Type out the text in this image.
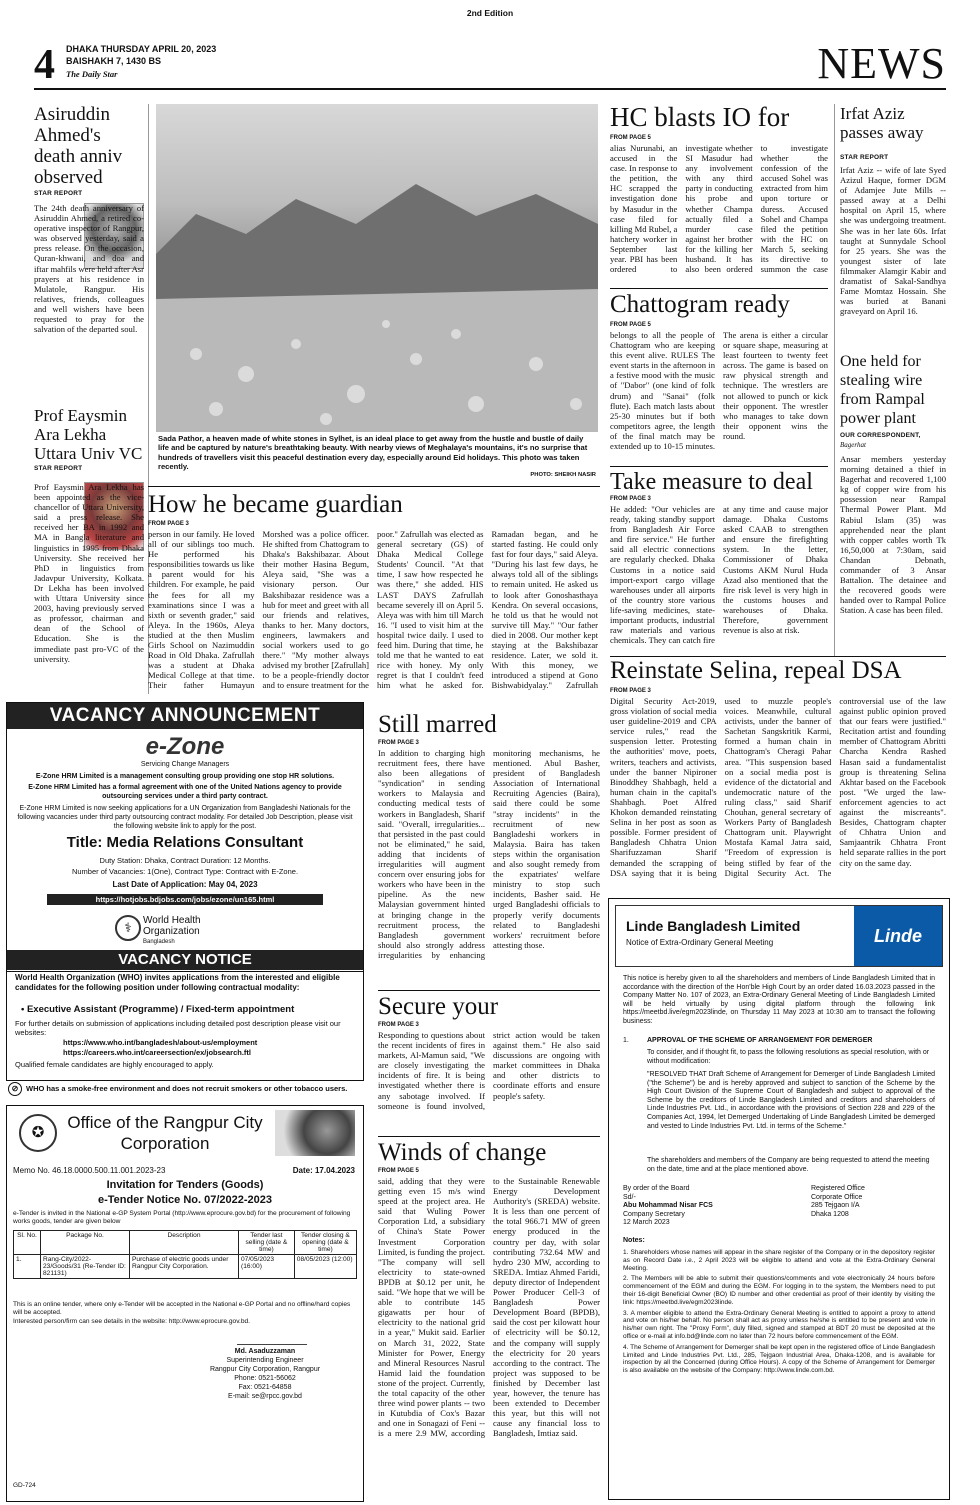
2nd Edition
4 DHAKA THURSDAY APRIL 20, 2023
BAISHAKH 7, 1430 BS
The Daily Star	NEWS
Asiruddin Ahmed's death anniv observed
STAR REPORT
The 24th death anniversary of Asiruddin Ahmed, a retired co-operative inspector of Rangpur, was observed yesterday, said a press release. On the occasion, Quran-khwani, and doa and iftar mahfils were held after Asr prayers at his residence in Mulatole, Rangpur. His relatives, friends, colleagues and well wishers have been requested to pray for the salvation of the departed soul.
Prof Eaysmin Ara Lekha Uttara Univ VC
STAR REPORT
Prof Eaysmin Ara Lekha has been appointed as the vice-chancellor of Uttara University, said a press release. She received her BA in 1992 and MA in Bangla literature and linguistics in 1995 from Dhaka University. She received her PhD in linguistics from Jadavpur University, Kolkata. Dr Lekha has been involved with Uttara University since 2003, having previously served as professor, chairman and dean of the School of Education. She is the immediate past pro-VC of the university.
Sada Pathor, a heaven made of white stones in Sylhet, is an ideal place to get away from the hustle and bustle of daily life and be captured by nature's breathtaking beauty. With nearby views of Meghalaya's mountains, it's no surprise that hundreds of travellers visit this peaceful destination every day, especially around Eid holidays. This photo was taken recently.
PHOTO: SHEIKH NASIR
HC blasts IO for
FROM PAGE 5
alias Nurunabi, an accused in the case. In response to the petition, the HC scrapped the investigation done by Masudur in the case filed for killing Md Rubel, a hatchery worker in September last year. PBI has been ordered to investigate whether SI Masudur had any involvement with any third party in conducting his probe and whether Champa actually filed a murder case against her brother for the killing her husband. It has also been ordered to investigate whether the confession of the accused Sohel was extracted from him upon torture or duress. Accused Sohel and Champa filed the petition with the HC on March 5, seeking its directive to summon the case
Irfat Aziz passes away
STAR REPORT
Irfat Aziz -- wife of late Syed Azizul Haque, former DGM of Adamjee Jute Mills -- passed away at a Delhi hospital on April 15, where she was undergoing treatment. She was in her late 60s. Irfat taught at Sunnydale School for 25 years. She was the youngest sister of late filmmaker Alamgir Kabir and dramatist of Sakal-Sandhya Fame Momtaz Hossain. She was buried at Banani graveyard on April 16.
One held for stealing wire from Rampal power plant
OUR CORRESPONDENT,
Bagerhat
Ansar members yesterday morning detained a thief in Bagerhat and recovered 1,100 kg of copper wire from his possession near Rampal Thermal Power Plant. Md Rabiul Islam (35) was apprehended near the plant with copper cables worth Tk 16,50,000 at 7:30am, said Chandan Debnath, commander of 3 Ansar Battalion. The detainee and the recovered goods were handed over to Rampal Police Station. A case has been filed.
Chattogram ready
FROM PAGE 5
belongs to all the people of Chattogram who are keeping this event alive. RULES The event starts in the afternoon in a festive mood with the music of "Dabor" (one kind of folk drum) and "Sanai" (folk flute). Each match lasts about 25-30 minutes but if both competitors agree, the length of the final match may be extended up to 10-15 minutes. The arena is either a circular or square shape, measuring at least fourteen to twenty feet across. The game is based on raw physical strength and technique. The wrestlers are not allowed to punch or kick their opponent. The wrestler who manages to take down their opponent wins the round.
Take measure to deal
FROM PAGE 3
He added: "Our vehicles are ready, taking standby support from Bangladesh Air Force and fire service." He further said all electric connections are regularly checked. Dhaka Customs in a notice said import-export cargo village warehouses under all airports of the country store various life-saving medicines, state-important products, industrial raw materials and various chemicals. They can catch fire at any time and cause major damage. Dhaka Customs asked CAAB to strengthen and ensure the firefighting system. In the letter, Commissioner of Dhaka Customs AKM Nurul Huda Azad also mentioned that the fire risk level is very high in the customs houses and warehouses of Dhaka. Therefore, government revenue is also at risk.
How he became guardian
FROM PAGE 3
person in our family. He loved all of our siblings too much. He performed his responsibilities towards us like a parent would for his children. For example, he paid the fees for all my examinations since I was a sixth or seventh grader," said Aleya. In the 1960s, Aleya studied at the then Muslim Girls School on Nazimuddin Road in Old Dhaka. Zafrullah was a student at Dhaka Medical College at that time. Their father Humayun Morshed was a police officer. He shifted from Chattogram to Dhaka's Bakshibazar. About their mother Hasina Begum, Aleya said, "She was a visionary person. Our Bakshibazar residence was a hub for meet and greet with all our friends and relatives, thanks to her. Many doctors, engineers, lawmakers and social workers used to go there." "My mother always advised my brother [Zafrullah] to be a people-friendly doctor and to ensure treatment for the poor." Zafrullah was elected as general secretary (GS) of Dhaka Medical College Students' Council. "At that time, I saw how respected he was there," she added. HIS LAST DAYS Zafrullah became severely ill on April 5. Aleya was with him till March 16. "I used to visit him at the hospital twice daily. I used to feed him. During that time, he told me that he wanted to eat rice with honey. My only regret is that I couldn't feed him what he asked for. Ramadan began, and he started fasting. He could only fast for four days," said Aleya. "During his last few days, he always told all of the siblings to remain united. He asked us to look after Gonoshasthaya Kendra. On several occasions, he told us that he would not survive till May." "Our father died in 2008. Our mother kept staying at the Bakshibazar residence. Later, we sold it. With this money, we introduced a stipend at Gono Bishwabidyalay." Zafrullah
Reinstate Selina, repeal DSA
FROM PAGE 3
Digital Security Act-2019, gross violation of social media user guideline-2019 and CPA service rules," read the suspension letter. Protesting the authorities' move, poets, writers, teachers and activists, under the banner Nipironer Binoddhey Shahbagh, held a human chain in the capital's Shahbagh. Poet Alfred Khokon demanded reinstating Selina in her post as soon as possible. Former president of Bangladesh Chhatra Union Sharifuzzaman Sharif demanded the scrapping of DSA saying that it is being used to muzzle people's voices. Meanwhile, cultural activists, under the banner of Sachetan Sangskritik Karmi, formed a human chain in Chattogram's Cheragi Pahar area. "This suspension based on a social media post is evidence of the dictatorial and undemocratic nature of the ruling class," said Sharif Chouhan, general secretary of Workers Party of Bangladesh Chattogram unit. Playwright Mostafa Kamal Jatra said, "Freedom of expression is being stifled by fear of the Digital Security Act. The controversial use of the law against public opinion proved that our fears were justified." Recitation artist and founding member of Chattogram Abritti Charcha Kendra Rashed Hasan said a fundamentalist group is threatening Selina Akhtar based on the Facebook post. "We urged the law-enforcement agencies to act against the miscreants". Besides, Chattogram chapter of Chhatra Union and Samjaantrik Chhatra Front held separate rallies in the port city on the same day.
VACANCY ANNOUNCEMENT
e-Zone
Servicing Change Managers
E-Zone HRM Limited is a management consulting group providing one stop HR solutions.
E-Zone HRM Limited has a formal agreement with one of the United Nations agency to provide outsourcing services under a third party contract.
E-Zone HRM Limited is now seeking applications for a UN Organization from Bangladeshi Nationals for the following vacancies under third party outsourcing contract modality. For detailed Job Description, please visit the following website link to apply for the post.
Title: Media Relations Consultant
Duty Station: Dhaka, Contract Duration: 12 Months.
Number of Vacancies: 1(One), Contract Type: Contract with E-Zone.
Last Date of Application: May 04, 2023
https://hotjobs.bdjobs.com/jobs/ezone/un165.html
⚕	World Health Organization
Bangladesh
VACANCY NOTICE
World Health Organization (WHO) invites applications from the interested and eligible candidates for the following position under following contractual modality:
• Executive Assistant (Programme) / Fixed-term appointment
For further details on submission of applications including detailed post description please visit our websites:
https://www.who.int/bangladesh/about-us/employment
https://careers.who.int/careersection/ex/jobsearch.ftl
Qualified female candidates are highly encouraged to apply.
⊘ WHO has a smoke-free environment and does not recruit smokers or other tobacco users.
✪
Office of the Rangpur City Corporation
Memo No. 46.18.0000.500.11.001.2023-23	Date: 17.04.2023
Invitation for Tenders (Goods)
e-Tender Notice No. 07/2022-2023
e-Tender is invited in the National e-GP System Portal (http://www.eprocure.gov.bd) for the procurement of following works goods, tender are given below
Sl. No.	Package No.	Description	Tender last selling (date & time)	Tender closing & opening (date & time)
1.	Rang-City/2022-23/Goods/31 (Re-Tender ID: 821131)	Purchase of electric goods under Rangpur City Corporation.	07/05/2023 (16:00)	08/05/2023 (12:00)
This is an online tender, where only e-Tender will be accepted in the National e-GP Portal and no offline/hard copies will be accepted.
Interested person/firm can see details in the website: http://www.eprocure.gov.bd.
Md. Asaduzzaman
Superintending Engineer
Rangpur City Corporation, Rangpur
Phone: 0521-56062
Fax: 0521-64858
E-mail: se@rpcc.gov.bd
GD-724
Still marred
FROM PAGE 3
In addition to charging high recruitment fees, there have also been allegations of "syndication" in sending workers to Malaysia and conducting medical tests of workers in Bangladesh, Sharif said. "Overall, irregularities... that persisted in the past could not be eliminated," he said, adding that incidents of irregularities will augment concern over ensuring jobs for workers who have been in the pipeline. As the new Malaysian government hinted at bringing change in the recruitment process, the Bangladesh government should also strongly address irregularities by enhancing monitoring mechanisms, he mentioned. Abul Basher, president of Bangladesh Association of International Recruiting Agencies (Baira), said there could be some "stray incidents" in the recruitment of new Bangladeshi workers in Malaysia. Baira has taken steps within the organisation and also sought remedy from the expatriates' welfare ministry to stop such incidents, Basher said. He urged Bangladeshi officials to properly verify documents related to Bangladeshi workers' recruitment before attesting those.
Secure your
FROM PAGE 3
Responding to questions about the recent incidents of fires in markets, Al-Mamun said, "We are closely investigating the incidents of fire. It is being investigated whether there is any sabotage involved. If someone is found involved, strict action would be taken against them." He also said discussions are ongoing with market committees in Dhaka and other districts to coordinate efforts and ensure people's safety.
Winds of change
FROM PAGE 5
said, adding that they were getting even 15 m/s wind speed at the project area. He said that Wuling Power Corporation Ltd, a subsidiary of China's State Power Investment Corporation Limited, is funding the project. "The company will sell electricity to state-owned BPDB at $0.12 per unit, he said. "We hope that we will be able to contribute 145 gigawatts per hour of electricity to the national grid in a year," Mukit said. Earlier on March 31, 2022, State Minister for Power, Energy and Mineral Resources Nasrul Hamid laid the foundation stone of the project. Currently, the total capacity of the other three wind power plants -- two in Kutubdia of Cox's Bazar and one in Sonagazi of Feni -- is a mere 2.9 MW, according to the Sustainable Renewable Energy Development Authority's (SREDA) website. It is less than one percent of the total 966.71 MW of green energy produced in the country per day, with solar contributing 732.64 MW and hydro 230 MW, according to SREDA. Imtiaz Ahmed Faridi, deputy director of Independent Power Producer Cell-3 of Bangladesh Power Development Board (BPDB), said the cost per kilowatt hour of electricity will be $0.12, and the company will supply the electricity for 20 years according to the contract. The project was supposed to be finished by December last year, however, the tenure has been extended to December this year, but this will not cause any financial loss to Bangladesh, Imtiaz said.
Linde Bangladesh Limited
Notice of Extra-Ordinary General Meeting	Linde
This notice is hereby given to all the shareholders and members of Linde Bangladesh Limited that in accordance with the direction of the Hon'ble High Court by an order dated 16.03.2023 passed in the Company Matter No. 107 of 2023, an Extra-Ordinary General Meeting of Linde Bangladesh Limited will be held virtually by using digital platform through the following link https://meetbd.live/egm2023linde, on Thursday 11 May 2023 at 10:30 am to transact the following business:
1.	APPROVAL OF THE SCHEME OF ARRANGEMENT FOR DEMERGER
To consider, and if thought fit, to pass the following resolutions as special resolution, with or without modification:
"RESOLVED THAT Draft Scheme of Arrangement for Demerger of Linde Bangladesh Limited ("the Scheme") be and is hereby approved and subject to sanction of the Scheme by the High Court Division of the Supreme Court of Bangladesh and subject to approval of the Scheme by the creditors of Linde Bangladesh Limited and creditors and shareholders of Linde Industries Pvt. Ltd., in accordance with the provisions of Section 228 and 229 of the Companies Act, 1994, let Demerged Undertaking of Linde Bangladesh Limited be demerged and vested to Linde Industries Pvt. Ltd. in terms of the Scheme."
The shareholders and members of the Company are being requested to attend the meeting on the date, time and at the place mentioned above.
By order of the Board
Sd/-
Abu Mohammad Nisar FCS
Company Secretary
12 March 2023
Registered Office
Corporate Office
285 Tejgaon I/A
Dhaka 1208
Notes:
1. Shareholders whose names will appear in the share register of the Company or in the depository register as on Record Date i.e., 2 April 2023 will be eligible to attend and vote at the Extra-Ordinary General Meeting.
2. The Members will be able to submit their questions/comments and vote electronically 24 hours before commencement of the EGM and during the EGM. For logging in to the system, the Members need to put their 16-digit Beneficial Owner (BO) ID number and other credential as proof of their identity by visiting the link: https://meetbd.live/egm2023linde.
3. A member eligible to attend the Extra-Ordinary General Meeting is entitled to appoint a proxy to attend and vote on his/her behalf. No person shall act as proxy unless he/she is entitled to be present and vote in his/her own right. The "Proxy Form", duly filled, signed and stamped at BDT 20 must be deposited at the office or e-mail at info.bd@linde.com no later than 72 hours before commencement of the EGM.
4. The Scheme of Arrangement for Demerger shall be kept open in the registered office of Linde Bangladesh Limited and Linde Industries Pvt. Ltd., 285, Tejgaon Industrial Area, Dhaka-1208, and is available for inspection by all the Concerned (during Office Hours). A copy of the Scheme of Arrangement for Demerger is also available on the website of the Company: http://www.linde.com.bd.
